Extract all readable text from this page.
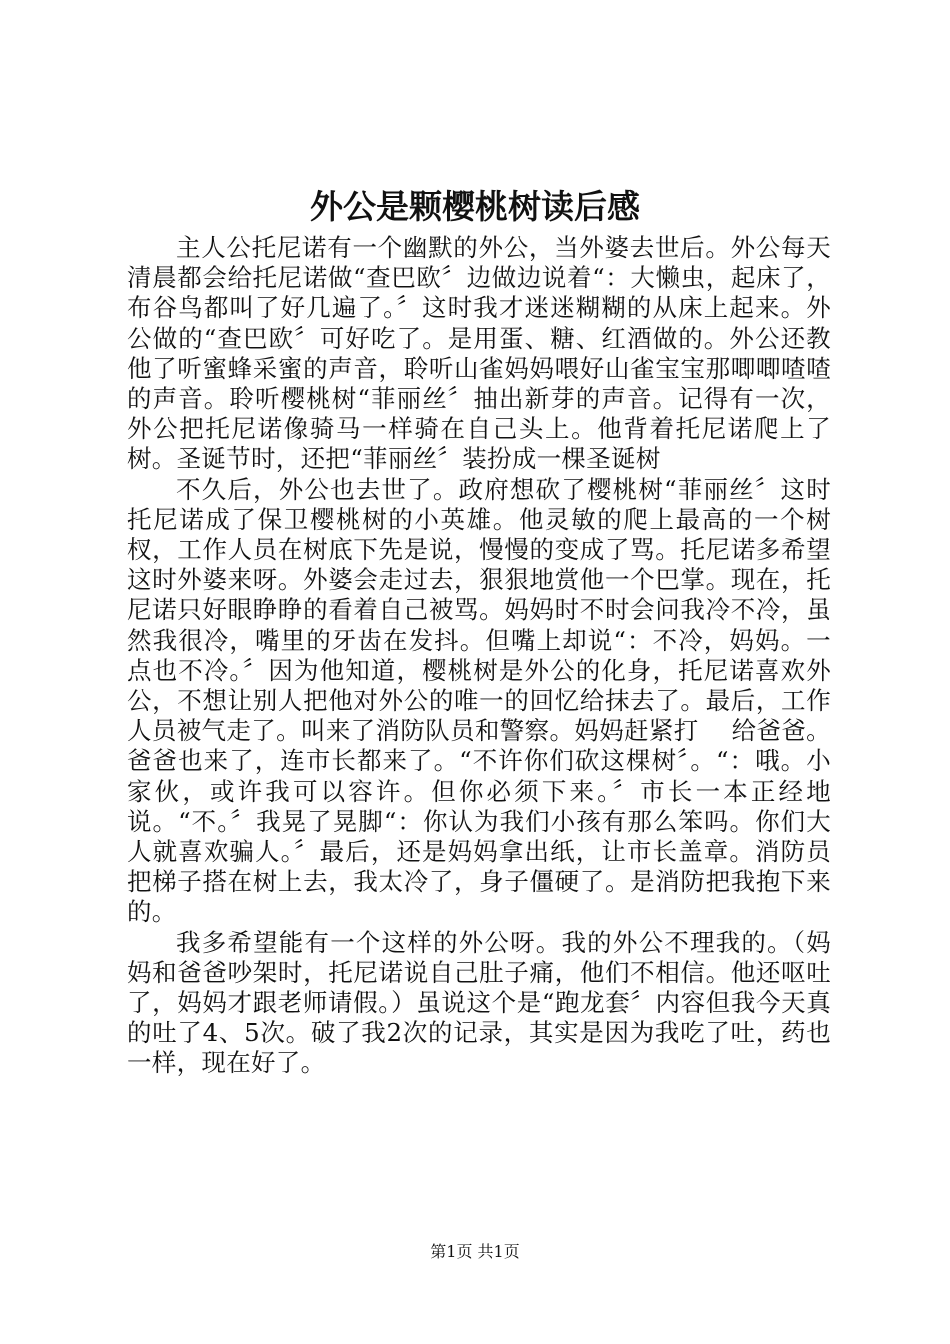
外公是颗樱桃树读后感

主人公托尼诺有一个幽默的外公，当外婆去世后。外公每天清晨都会给托尼诺做“查巴欧〞边做边说着“：大懒虫，起床了，布谷鸟都叫了好几遍了。〞这时我才迷迷糊糊的从床上起来。外公做的“查巴欧〞可好吃了。是用蛋、糖、红酒做的。外公还教他了听蜜蜂采蜜的声音，聆听山雀妈妈喂好山雀宝宝那唧唧喳喳的声音。聆听樱桃树“菲丽丝〞抽出新芽的声音。记得有一次，外公把托尼诺像骑马一样骑在自己头上。他背着托尼诺爬上了树。圣诞节时，还把“菲丽丝〞装扮成一棵圣诞树

不久后，外公也去世了。政府想砍了樱桃树“菲丽丝〞这时托尼诺成了保卫樱桃树的小英雄。他灵敏的爬上最高的一个树杈，工作人员在树底下先是说，慢慢的变成了骂。托尼诺多希望这时外婆来呀。外婆会走过去，狠狠地赏他一个巴掌。现在，托尼诺只好眼睁睁的看着自己被骂。妈妈时不时会问我冷不冷，虽然我很冷，嘴里的牙齿在发抖。但嘴上却说“：不冷，妈妈。一点也不冷。〞因为他知道，樱桃树是外公的化身，托尼诺喜欢外公，不想让别人把他对外公的唯一的回忆给抹去了。最后，工作人员被气走了。叫来了消防队员和警察。妈妈赶紧打　 给爸爸。爸爸也来了，连市长都来了。“不许你们砍这棵树〞。“：哦。小家伙，或许我可以容许。但你必须下来。〞市长一本正经地说。“不。〞我晃了晃脚“：你认为我们小孩有那么笨吗。你们大人就喜欢骗人。〞最后，还是妈妈拿出纸，让市长盖章。消防员把梯子搭在树上去，我太冷了，身子僵硬了。是消防把我抱下来的。

我多希望能有一个这样的外公呀。我的外公不理我的。（妈妈和爸爸吵架时，托尼诺说自己肚子痛，他们不相信。他还呕吐了，妈妈才跟老师请假。）虽说这个是“跑龙套〞内容但我今天真的吐了4、5次。破了我2次的记录，其实是因为我吃了吐，药也一样，现在好了。

第1页 共1页
